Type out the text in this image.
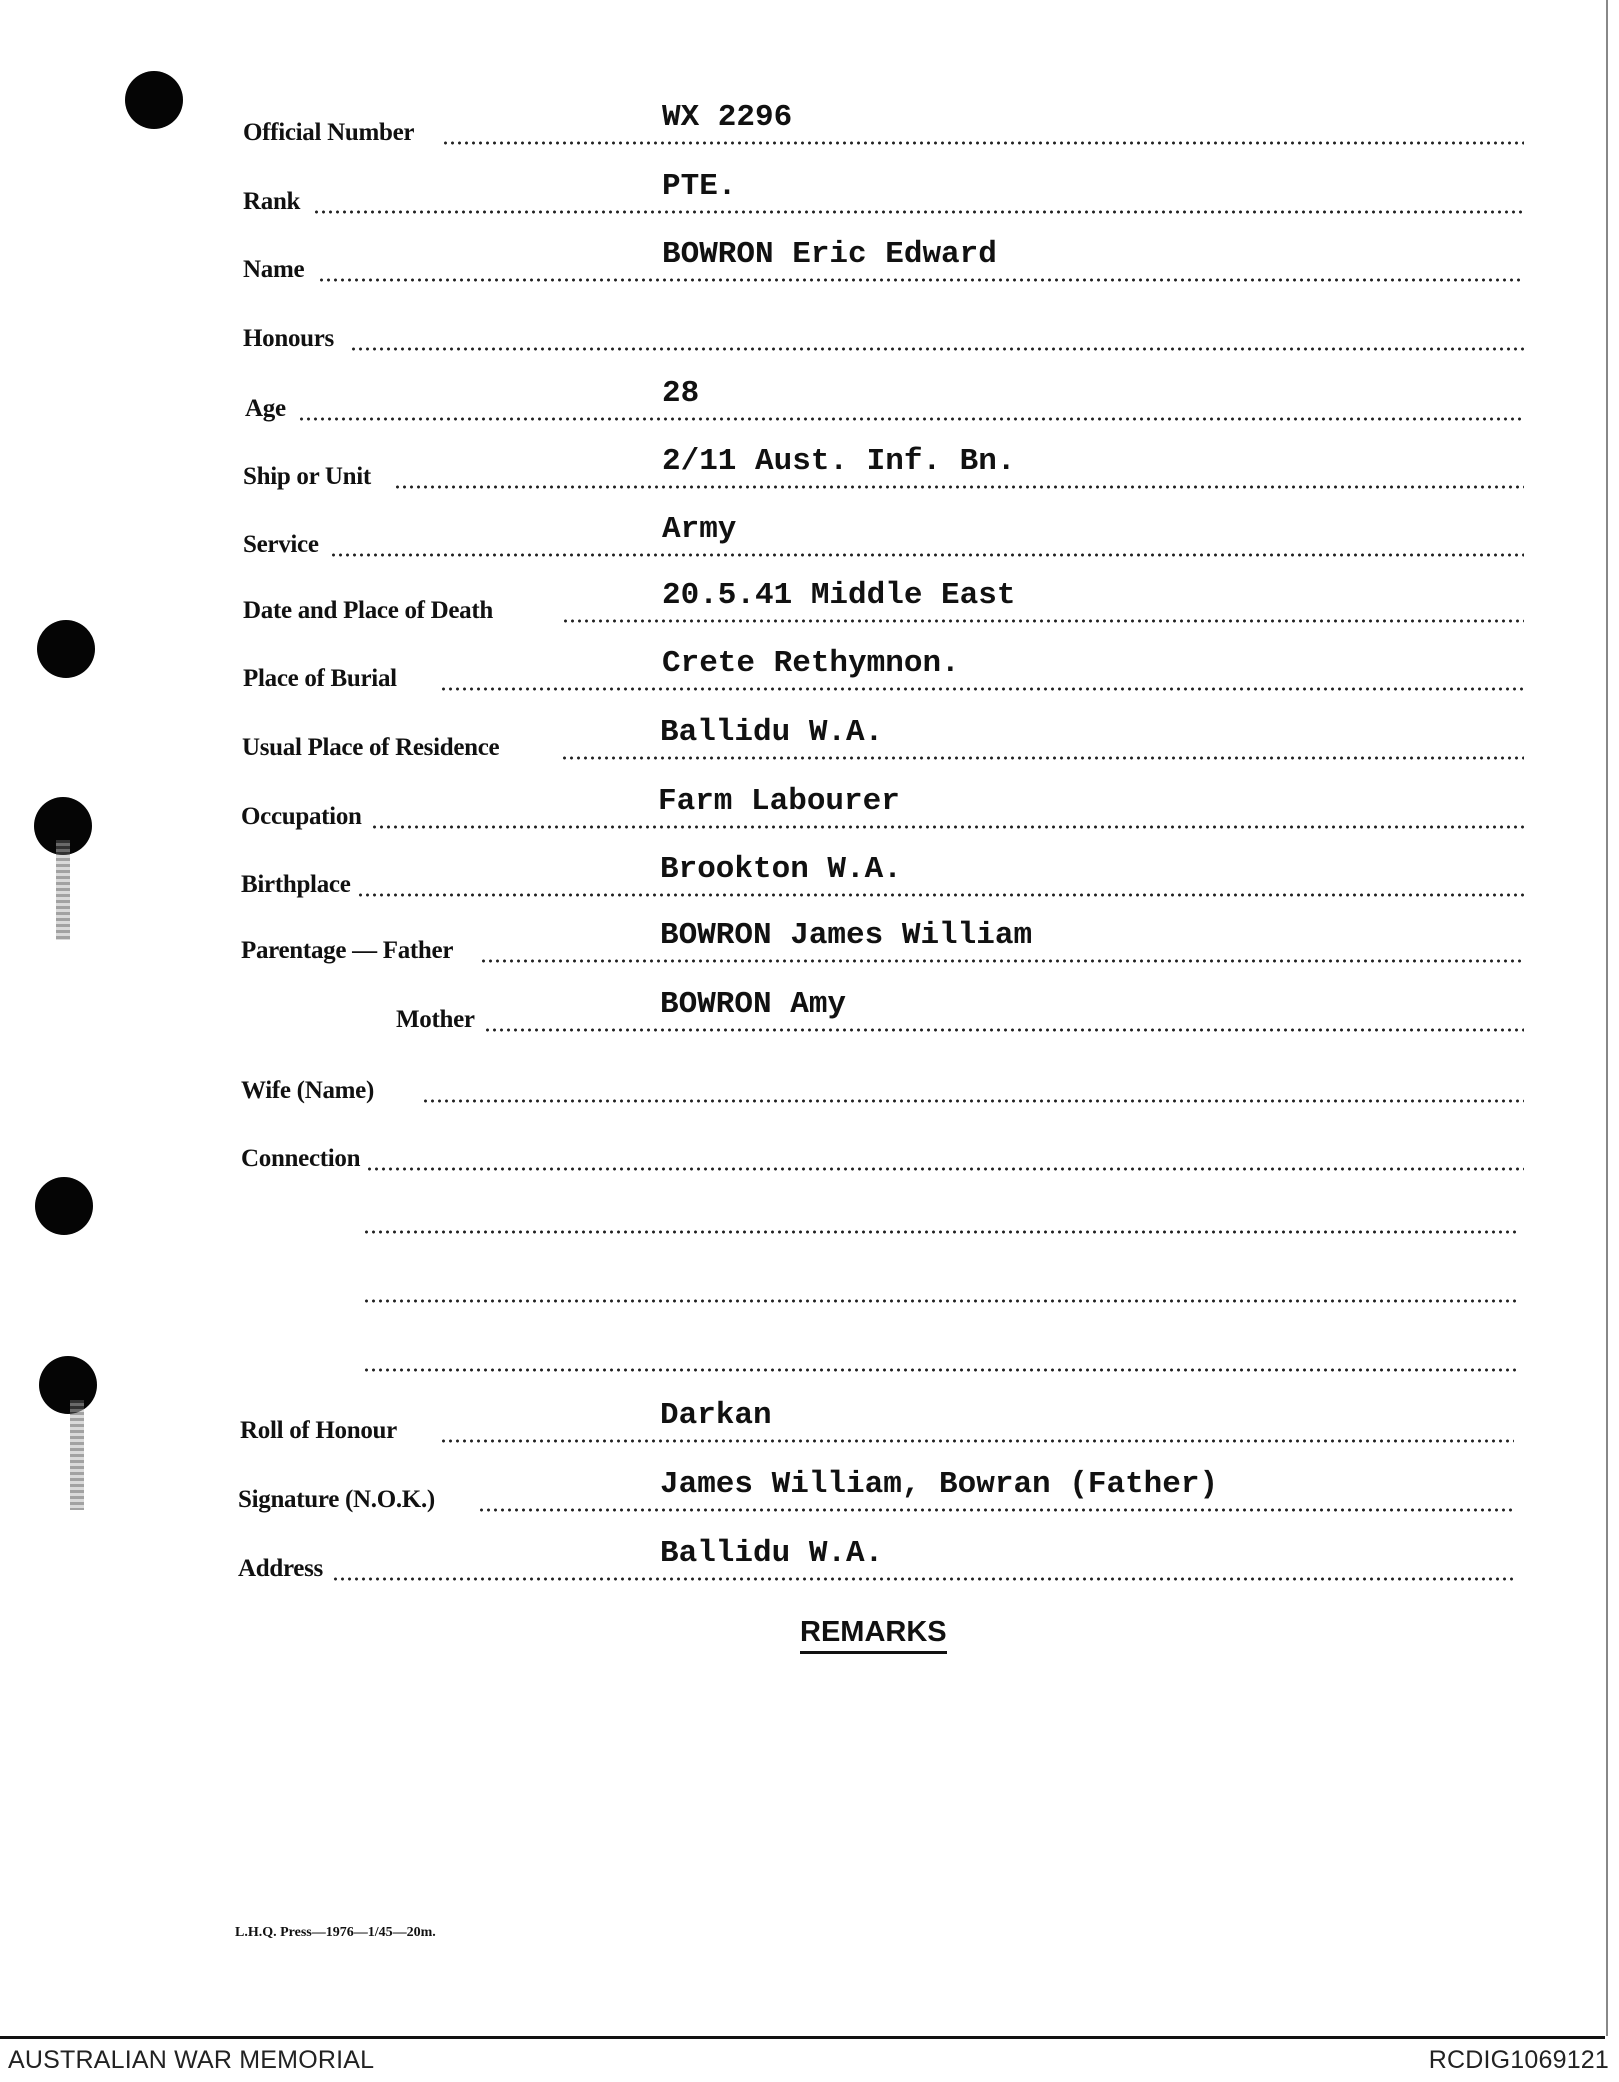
Official Number	WX 2296
Rank	PTE.
Name	BOWRON Eric Edward
Honours
Age	28
Ship or Unit	2/11 Aust. Inf. Bn.
Service	Army
Date and Place of Death	20.5.41 Middle East
Place of Burial	Crete Rethymnon.
Usual Place of Residence	Ballidu W.A.
Occupation	Farm Labourer
Birthplace	Brookton W.A.
Parentage — Father	BOWRON James William
Mother	BOWRON Amy
Wife (Name)
Connection
Roll of Honour	Darkan
Signature (N.O.K.)	James William, Bowran (Father)
Address	Ballidu W.A.
REMARKS
L.H.Q. Press—1976—1/45—20m.
AUSTRALIAN WAR MEMORIAL	RCDIG1069121
